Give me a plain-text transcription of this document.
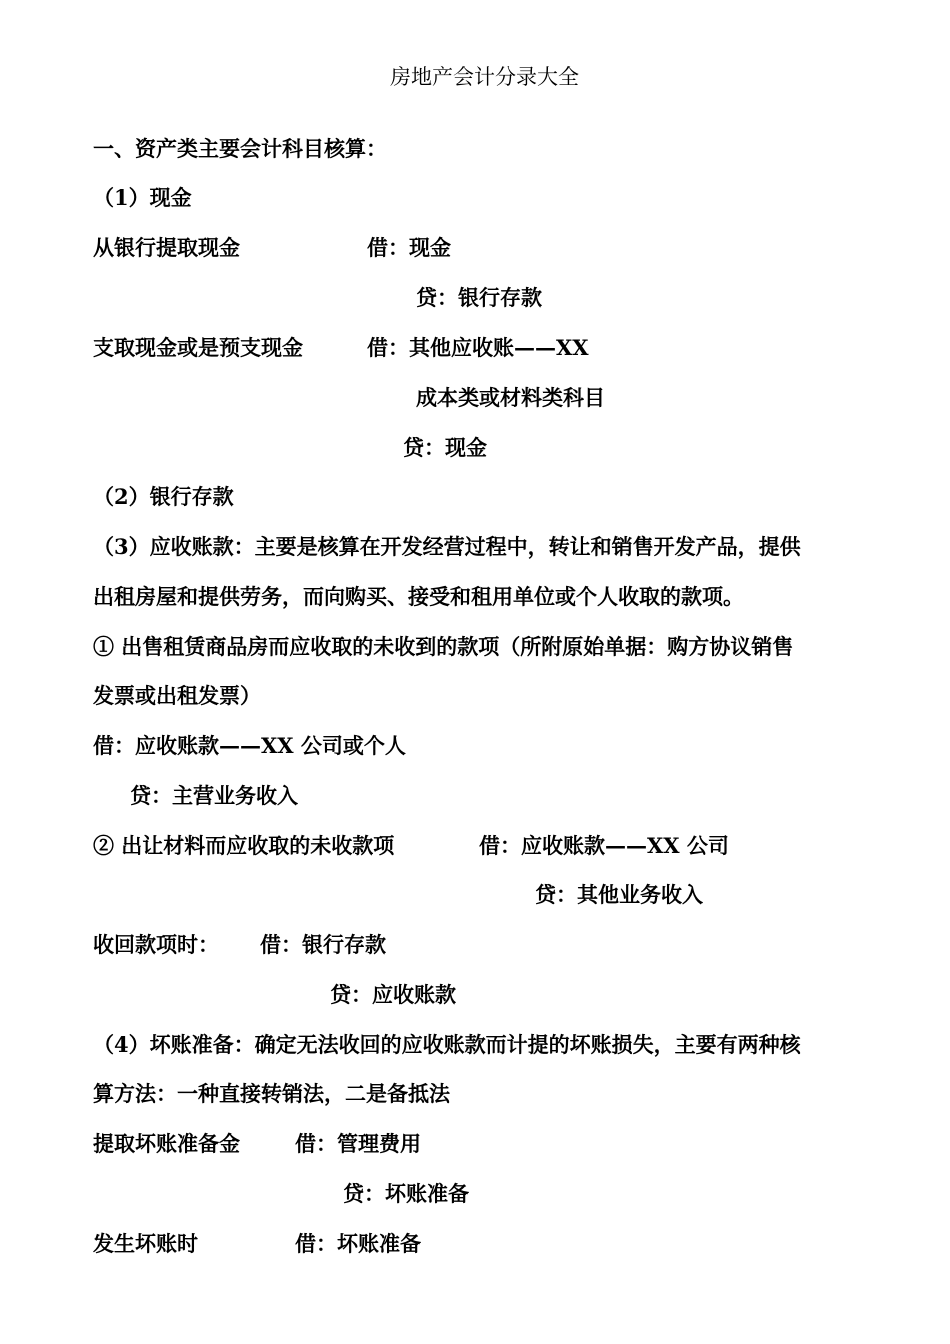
房地产会计分录大全
一、资产类主要会计科目核算：
（1）现金
从银行提取现金	借：现金
贷：银行存款
支取现金或是预支现金	借：其他应收账——XX
成本类或材料类科目
贷：现金
（2）银行存款
（3）应收账款：主要是核算在开发经营过程中，转让和销售开发产品，提供
出租房屋和提供劳务，而向购买、接受和租用单位或个人收取的款项。
① 出售租赁商品房而应收取的未收到的款项（所附原始单据：购方协议销售
发票或出租发票）
借：应收账款——XX 公司或个人
贷：主营业务收入
② 出让材料而应收取的未收款项	借：应收账款——XX 公司
贷：其他业务收入
收回款项时： 借：银行存款
贷：应收账款
（4）坏账准备：确定无法收回的应收账款而计提的坏账损失，主要有两种核
算方法：一种直接转销法，二是备抵法
提取坏账准备金	借：管理费用
贷：坏账准备
发生坏账时	借：坏账准备
